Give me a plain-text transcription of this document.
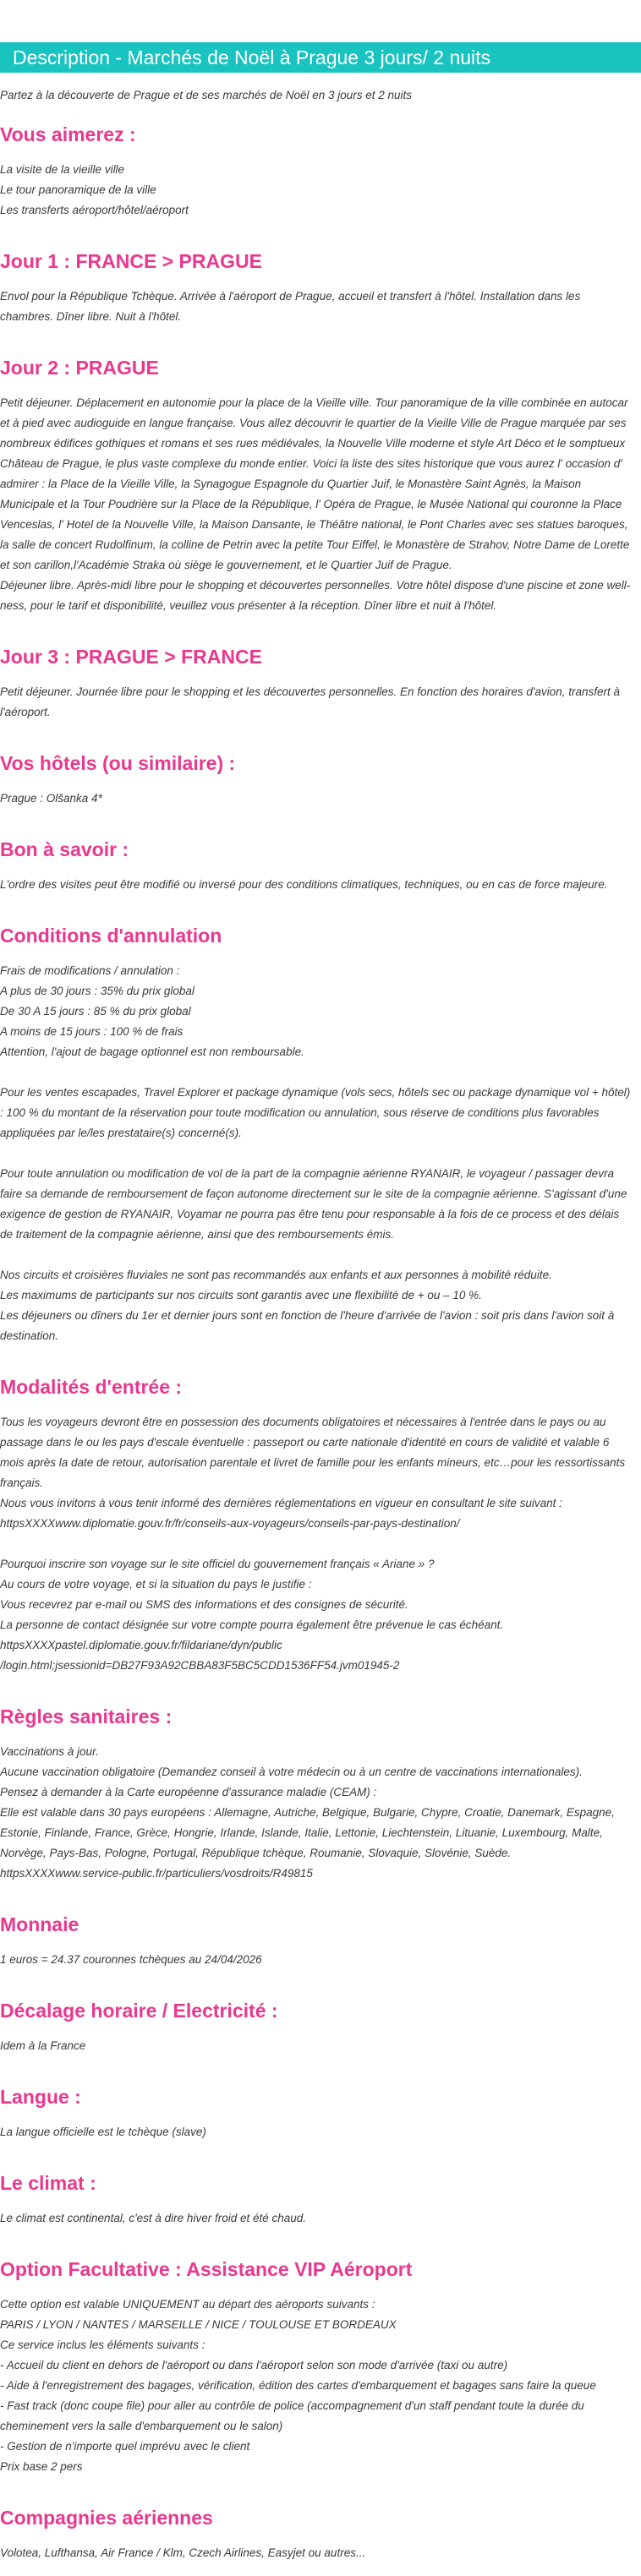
Description - Marchés de Noël à Prague 3 jours/ 2 nuits

Partez à la découverte de Prague et de ses marchés de Noël en 3 jours et 2 nuits

Vous aimerez :
La visite de la vieille ville
Le tour panoramique de la ville
Les transferts aéroport/hôtel/aéroport
Jour 1 : FRANCE > PRAGUE
Envol pour la République Tchèque. Arrivée à l'aéroport de Prague, accueil et transfert à l'hôtel. Installation dans les chambres. Dîner libre. Nuit à l'hôtel.
Jour 2 : PRAGUE
Petit déjeuner. Déplacement en autonomie pour la place de la Vieille ville. Tour panoramique de la ville combinée en autocar et à pied avec audioguide en langue française. Vous allez découvrir le quartier de la Vieille Ville de Prague marquée par ses nombreux édifices gothiques et romans et ses rues médiévales, la Nouvelle Ville moderne et style Art Déco et le somptueux Château de Prague, le plus vaste complexe du monde entier. Voici la liste des sites historique que vous aurez l' occasion d' admirer : la Place de la Vieille Ville, la Synagogue Espagnole du Quartier Juif, le Monastère Saint Agnès, la Maison Municipale et la Tour Poudrière sur la Place de la République, l' Opéra de Prague, le Musée National qui couronne la Place Venceslas, l' Hotel de la Nouvelle Ville, la Maison Dansante, le Théâtre national, le Pont Charles avec ses statues baroques, la salle de concert Rudolfinum, la colline de Petrin avec la petite Tour Eiffel, le Monastère de Strahov, Notre Dame de Lorette et son carillon,l'Académie Straka où siège le gouvernement, et le Quartier Juif de Prague.
Déjeuner libre. Après-midi libre pour le shopping et découvertes personnelles. Votre hôtel dispose d'une piscine et zone well-ness, pour le tarif et disponibilité, veuillez vous présenter à la réception. Dîner libre et nuit à l'hôtel.
Jour 3 : PRAGUE > FRANCE
Petit déjeuner. Journée libre pour le shopping et les découvertes personnelles. En fonction des horaires d'avion, transfert à l'aéroport.
Vos hôtels (ou similaire) :
Prague : Olšanka 4*
Bon à savoir :
L'ordre des visites peut être modifié ou inversé pour des conditions climatiques, techniques, ou en cas de force majeure.
Conditions d'annulation
Frais de modifications / annulation :
A plus de 30 jours : 35% du prix global
De 30 A 15 jours : 85 % du prix global
A moins de 15 jours : 100 % de frais
Attention, l'ajout de bagage optionnel est non remboursable.
Pour les ventes escapades, Travel Explorer et package dynamique (vols secs, hôtels sec ou package dynamique vol + hôtel) : 100 % du montant de la réservation pour toute modification ou annulation, sous réserve de conditions plus favorables appliquées par le/les prestataire(s) concerné(s).
Pour toute annulation ou modification de vol de la part de la compagnie aérienne RYANAIR, le voyageur / passager devra faire sa demande de remboursement de façon autonome directement sur le site de la compagnie aérienne. S'agissant d'une exigence de gestion de RYANAIR, Voyamar ne pourra pas être tenu pour responsable à la fois de ce process et des délais de traitement de la compagnie aérienne, ainsi que des remboursements émis.
Nos circuits et croisières fluviales ne sont pas recommandés aux enfants et aux personnes à mobilité réduite.
Les maximums de participants sur nos circuits sont garantis avec une flexibilité de + ou – 10 %.
Les déjeuners ou dîners du 1er et dernier jours sont en fonction de l'heure d'arrivée de l'avion : soit pris dans l'avion soit à destination.
Modalités d'entrée :
Tous les voyageurs devront être en possession des documents obligatoires et nécessaires à l'entrée dans le pays ou au passage dans le ou les pays d'escale éventuelle : passeport ou carte nationale d'identité en cours de validité et valable 6 mois après la date de retour, autorisation parentale et livret de famille pour les enfants mineurs, etc…pour les ressortissants français.
Nous vous invitons à vous tenir informé des dernières réglementations en vigueur en consultant le site suivant : httpsXXXXwww.diplomatie.gouv.fr/fr/conseils-aux-voyageurs/conseils-par-pays-destination/
Pourquoi inscrire son voyage sur le site officiel du gouvernement français « Ariane » ?
Au cours de votre voyage, et si la situation du pays le justifie :
Vous recevrez par e-mail ou SMS des informations et des consignes de sécurité.
La personne de contact désignée sur votre compte pourra également être prévenue le cas échéant.
httpsXXXXpastel.diplomatie.gouv.fr/fildariane/dyn/public
/login.html;jsessionid=DB27F93A92CBBA83F5BC5CDD1536FF54.jvm01945-2
Règles sanitaires :
Vaccinations à jour.
Aucune vaccination obligatoire (Demandez conseil à votre médecin ou à un centre de vaccinations internationales).
Pensez à demander à la Carte européenne d'assurance maladie (CEAM) :
Elle est valable dans 30 pays européens : Allemagne, Autriche, Belgique, Bulgarie, Chypre, Croatie, Danemark, Espagne, Estonie, Finlande, France, Grèce, Hongrie, Irlande, Islande, Italie, Lettonie, Liechtenstein, Lituanie, Luxembourg, Malte, Norvège, Pays-Bas, Pologne, Portugal, République tchèque, Roumanie, Slovaquie, Slovénie, Suède.
httpsXXXXwww.service-public.fr/particuliers/vosdroits/R49815
Monnaie
1 euros = 24.37 couronnes tchèques au 24/04/2026
Décalage horaire / Electricité :
Idem à la France
Langue :
La langue officielle est le tchèque (slave)
Le climat :
Le climat est continental, c'est à dire hiver froid et été chaud.
Option Facultative : Assistance VIP Aéroport
Cette option est valable UNIQUEMENT au départ des aéroports suivants :
PARIS / LYON / NANTES / MARSEILLE / NICE / TOULOUSE ET BORDEAUX
Ce service inclus les éléments suivants :
- Accueil du client en dehors de l'aéroport ou dans l'aéroport selon son mode d'arrivée (taxi ou autre)
- Aide à l'enregistrement des bagages, vérification, édition des cartes d'embarquement et bagages sans faire la queue
- Fast track (donc coupe file) pour aller au contrôle de police (accompagnement d'un staff pendant toute la durée du cheminement vers la salle d'embarquement ou le salon)
- Gestion de n'importe quel imprévu avec le client
Prix base 2 pers
Compagnies aériennes
Volotea, Lufthansa, Air France / Klm, Czech Airlines, Easyjet ou autres...
